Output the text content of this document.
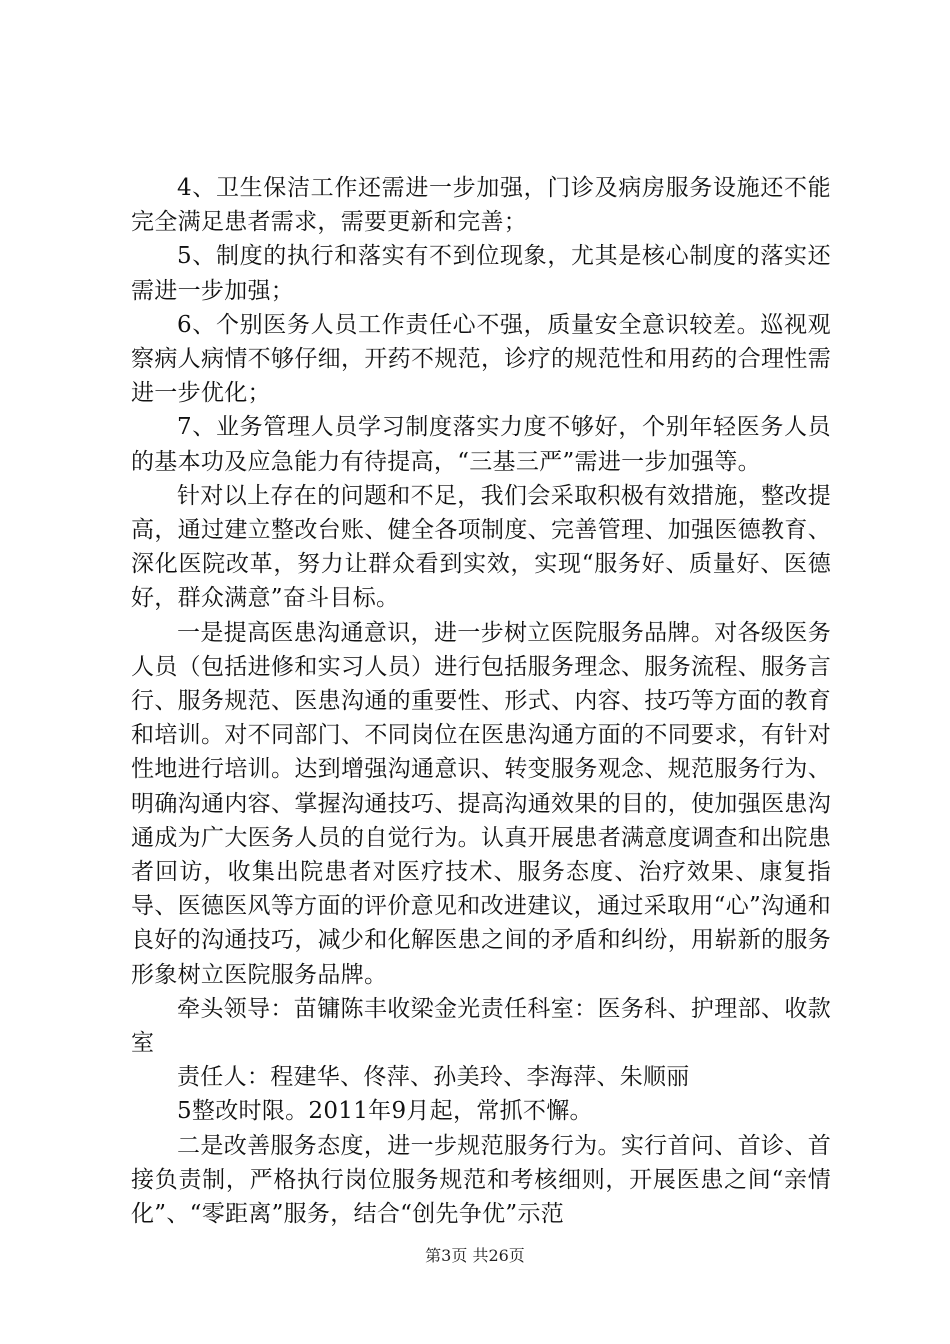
4、卫生保洁工作还需进一步加强，门诊及病房服务设施还不能完全满足患者需求，需要更新和完善；

5、制度的执行和落实有不到位现象，尤其是核心制度的落实还需进一步加强；

6、个别医务人员工作责任心不强，质量安全意识较差。巡视观察病人病情不够仔细，开药不规范，诊疗的规范性和用药的合理性需进一步优化；

7、业务管理人员学习制度落实力度不够好，个别年轻医务人员的基本功及应急能力有待提高，“三基三严”需进一步加强等。

针对以上存在的问题和不足，我们会采取积极有效措施，整改提高，通过建立整改台账、健全各项制度、完善管理、加强医德教育、深化医院改革，努力让群众看到实效，实现“服务好、质量好、医德好，群众满意”奋斗目标。

一是提高医患沟通意识，进一步树立医院服务品牌。对各级医务人员（包括进修和实习人员）进行包括服务理念、服务流程、服务言行、服务规范、医患沟通的重要性、形式、内容、技巧等方面的教育和培训。对不同部门、不同岗位在医患沟通方面的不同要求，有针对性地进行培训。达到增强沟通意识、转变服务观念、规范服务行为、明确沟通内容、掌握沟通技巧、提高沟通效果的目的，使加强医患沟通成为广大医务人员的自觉行为。认真开展患者满意度调查和出院患者回访，收集出院患者对医疗技术、服务态度、治疗效果、康复指导、医德医风等方面的评价意见和改进建议，通过采取用“心”沟通和良好的沟通技巧，减少和化解医患之间的矛盾和纠纷，用崭新的服务形象树立医院服务品牌。

牵头领导：苗镛陈丰收梁金光责任科室：医务科、护理部、收款室

责任人：程建华、佟萍、孙美玲、李海萍、朱顺丽

5整改时限。2011年9月起，常抓不懈。

二是改善服务态度，进一步规范服务行为。实行首问、首诊、首接负责制，严格执行岗位服务规范和考核细则，开展医患之间“亲情化”、“零距离”服务，结合“创先争优”示范

第3页 共26页
